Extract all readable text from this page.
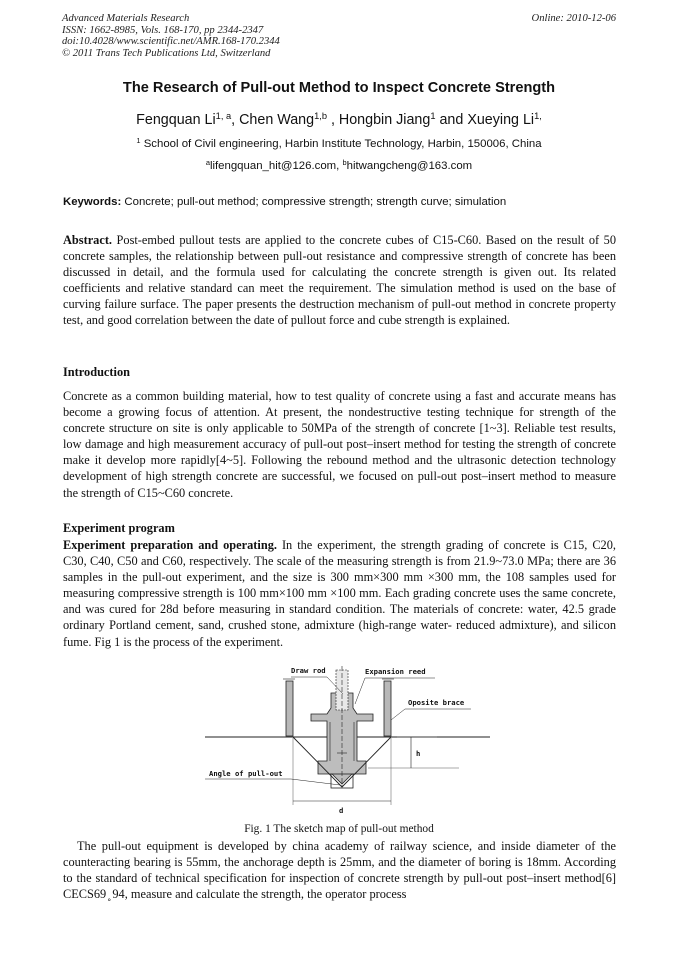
Advanced Materials Research
ISSN: 1662-8985, Vols. 168-170, pp 2344-2347
doi:10.4028/www.scientific.net/AMR.168-170.2344
© 2011 Trans Tech Publications Ltd, Switzerland
Online: 2010-12-06
The Research of Pull-out Method to Inspect Concrete Strength
Fengquan Li$^{1, a}$, Chen Wang$^{1,b}$ , Hongbin Jiang$^1$ and Xueying $Li^{1,}$
$^1$ School of Civil engineering, Harbin Institute Technology, Harbin, 150006, China
$^a$lifengquan_hit@126.com, $^b$hitwangcheng@163.com
Keywords: Concrete; pull-out method; compressive strength; strength curve; simulation
Abstract. Post-embed pullout tests are applied to the concrete cubes of C15-C60. Based on the result of 50 concrete samples, the relationship between pull-out resistance and compressive strength of concrete has been discussed in detail, and the formula used for calculating the concrete strength is given out. Its related coefficients and relative standard can meet the requirement. The simulation method is used on the base of curving failure surface. The paper presents the destruction mechanism of pull-out method in concrete property test, and good correlation between the date of pullout force and cube strength is explained.
Introduction
Concrete as a common building material, how to test quality of concrete using a fast and accurate means has become a growing focus of attention. At present, the nondestructive testing technique for strength of the concrete structure on site is only applicable to 50MPa of the strength of concrete [1~3]. Reliable test results, low damage and high measurement accuracy of pull-out post–insert method for testing the strength of concrete make it develop more rapidly[4~5]. Following the rebound method and the ultrasonic detection technology development of high strength concrete are successful, we focused on pull-out post–insert method to measure the strength of C15~C60 concrete.
Experiment program
Experiment preparation and operating. In the experiment, the strength grading of concrete is C15, C20, C30, C40, C50 and C60, respectively. The scale of the measuring strength is from 21.9~73.0 MPa; there are 36 samples in the pull-out experiment, and the size is 300 mm×300 mm ×300 mm, the 108 samples used for measuring compressive strength is 100 mm×100 mm ×100 mm. Each grading concrete uses the same concrete, and was cured for 28d before measuring in standard condition. The materials of concrete: water, 42.5 grade ordinary Portland cement, sand, crushed stone, admixture (high-range water- reduced admixture), and silicon fume. Fig 1 is the process of the experiment.
h
d
Draw rod	Expansion reed
Oposite brace
Angle of pull-out
Fig. 1 The sketch map of pull-out method
The pull-out equipment is developed by china academy of railway science, and inside diameter of the counteracting bearing is 55mm, the anchorage depth is 25mm, and the diameter of boring is 18mm. According to the standard of technical specification for inspection of concrete strength by pull-out post–insert method[6] CECS69 ̥ 94, measure and calculate the strength, the operator process
